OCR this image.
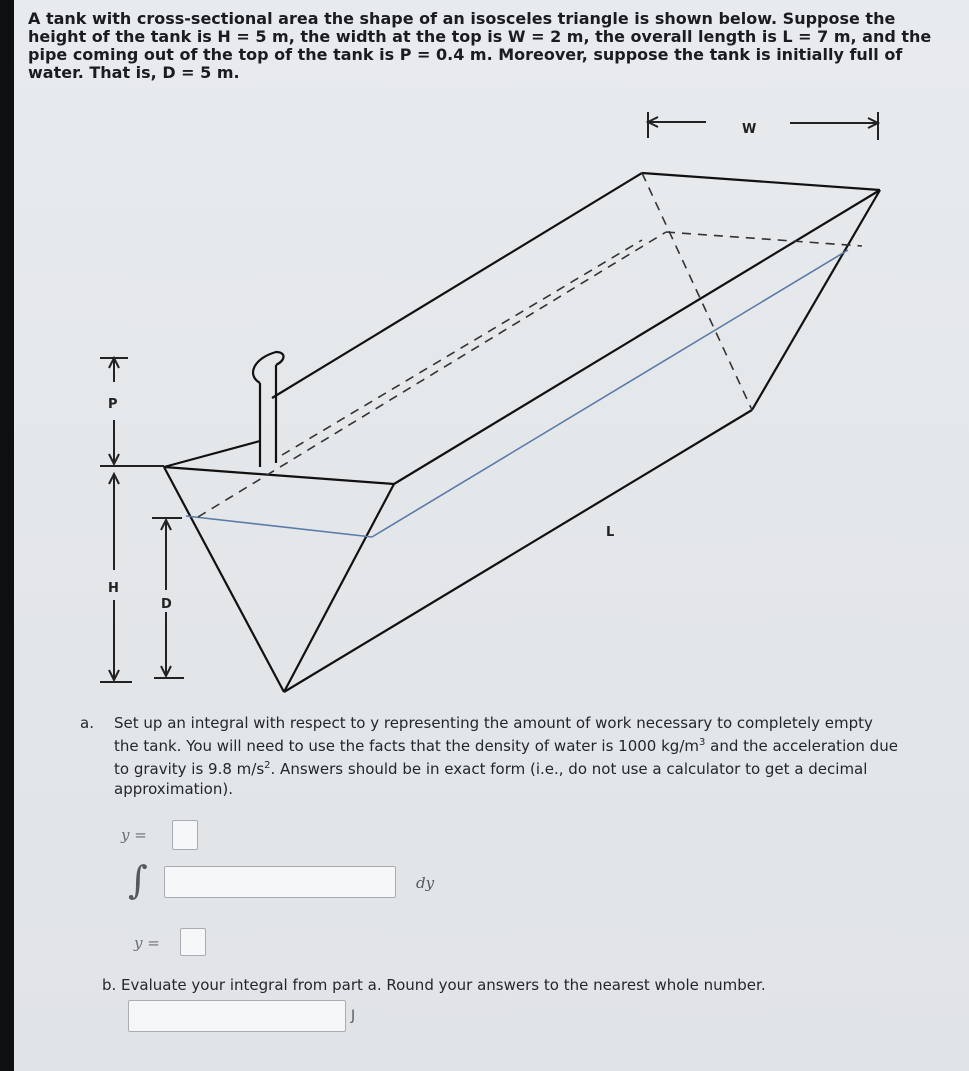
A tank with cross-sectional area the shape of an isosceles triangle is shown below. Suppose the height of the tank is H = 5 m, the width at the top is W = 2 m, the overall length is L = 7 m, and the pipe coming out of the top of the tank is P = 0.4 m. Moreover, suppose the tank is initially full of water. That is, D = 5 m.
W
P
H
D
L
a. Set up an integral with respect to y representing the amount of work necessary to completely empty the tank. You will need to use the facts that the density of water is 1000 $kg/m^3$ and the acceleration due to gravity is 9.8 $m/s^2$. Answers should be in exact form (i.e., do not use a calculator to get a decimal approximation).
y =
∫	dy
y =
b. Evaluate your integral from part a. Round your answers to the nearest whole number.
J
